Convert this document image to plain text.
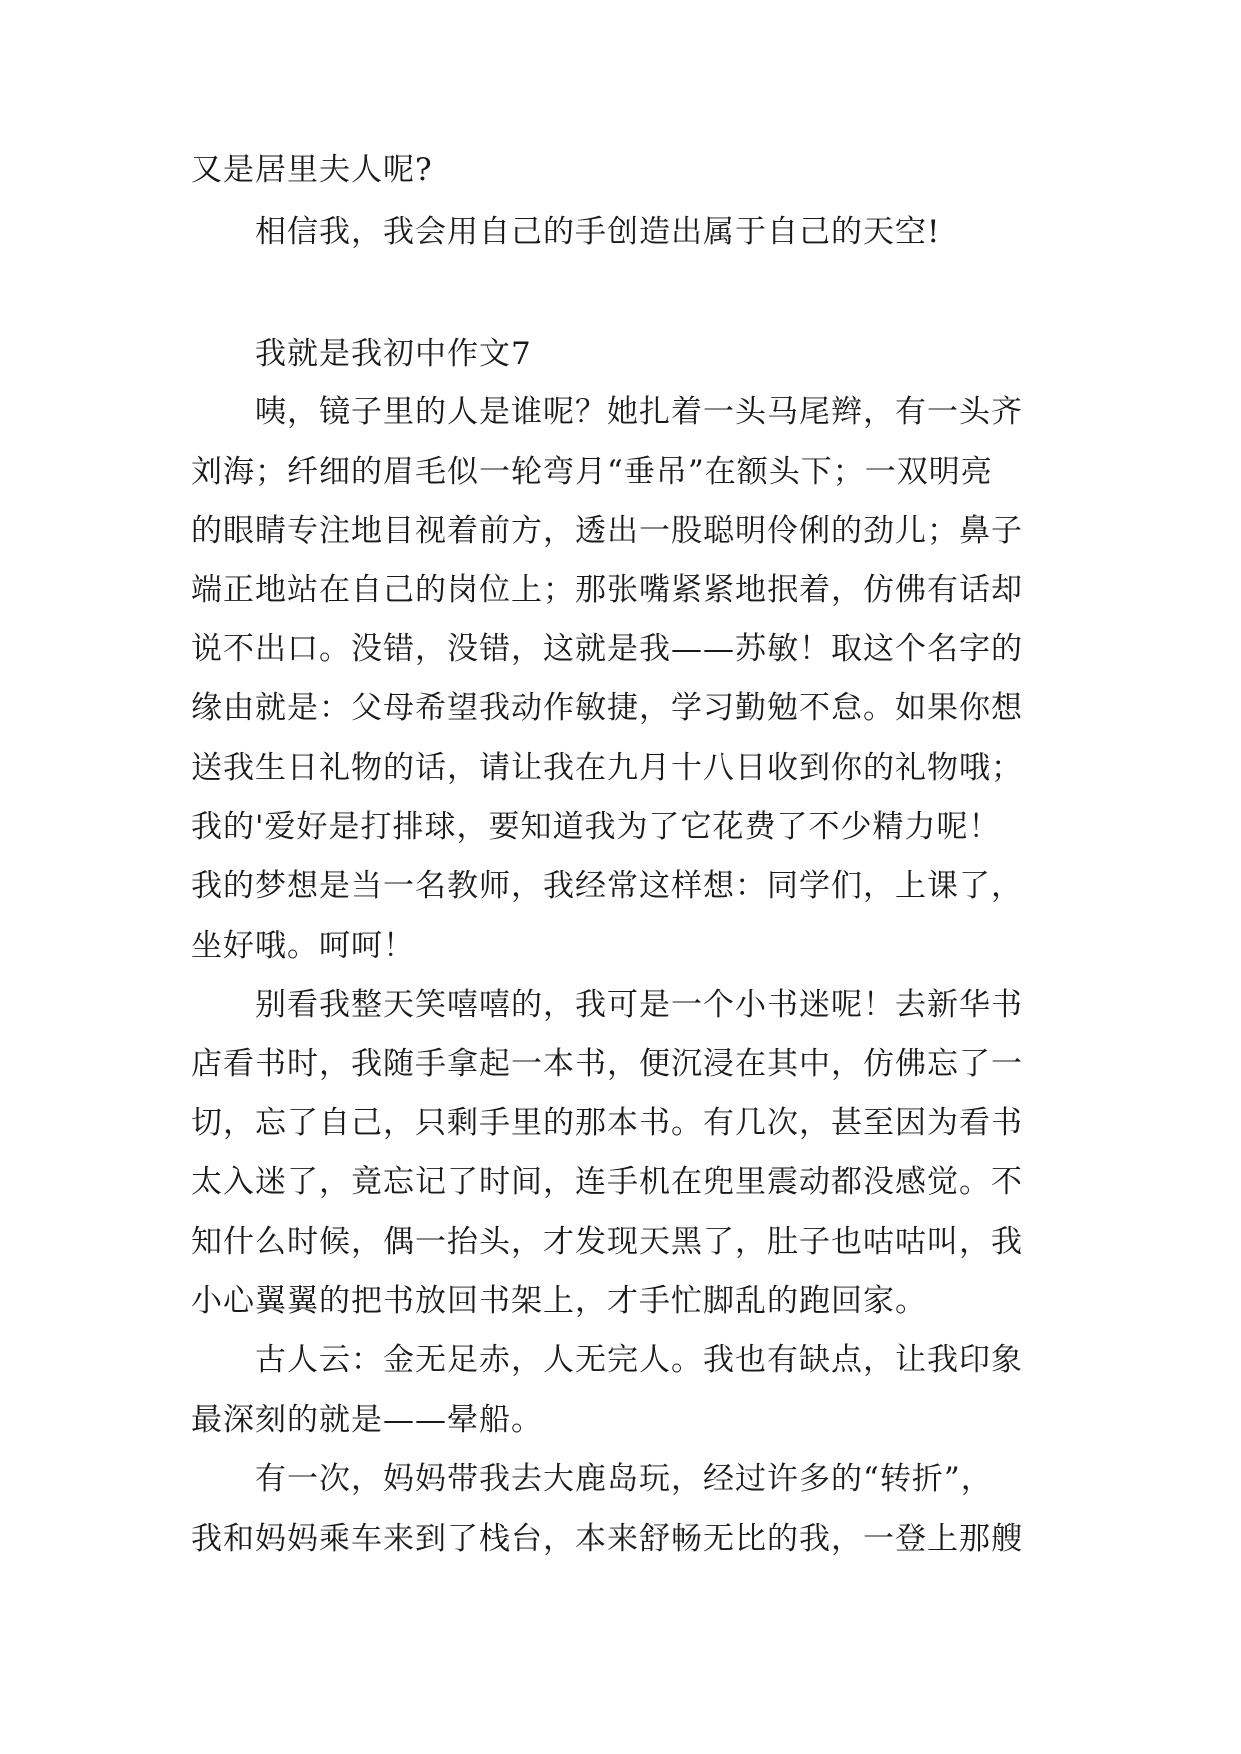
又是居里夫人呢?
相信我，我会用自己的手创造出属于自己的天空!
我就是我初中作文7
咦，镜子里的人是谁呢？她扎着一头马尾辫，有一头齐
刘海；纤细的眉毛似一轮弯月“垂吊”在额头下；一双明亮
的眼睛专注地目视着前方，透出一股聪明伶俐的劲儿；鼻子
端正地站在自己的岗位上；那张嘴紧紧地抿着，仿佛有话却
说不出口。没错，没错，这就是我——苏敏！取这个名字的
缘由就是：父母希望我动作敏捷，学习勤勉不怠。如果你想
送我生日礼物的话，请让我在九月十八日收到你的礼物哦；
我的'爱好是打排球，要知道我为了它花费了不少精力呢！
我的梦想是当一名教师，我经常这样想：同学们，上课了，
坐好哦。呵呵！
别看我整天笑嘻嘻的，我可是一个小书迷呢！去新华书
店看书时，我随手拿起一本书，便沉浸在其中，仿佛忘了一
切，忘了自己，只剩手里的那本书。有几次，甚至因为看书
太入迷了，竟忘记了时间，连手机在兜里震动都没感觉。不
知什么时候，偶一抬头，才发现天黑了，肚子也咕咕叫，我
小心翼翼的把书放回书架上，才手忙脚乱的跑回家。
古人云：金无足赤，人无完人。我也有缺点，让我印象
最深刻的就是——晕船。
有一次，妈妈带我去大鹿岛玩，经过许多的“转折”，
我和妈妈乘车来到了栈台，本来舒畅无比的我，一登上那艘
